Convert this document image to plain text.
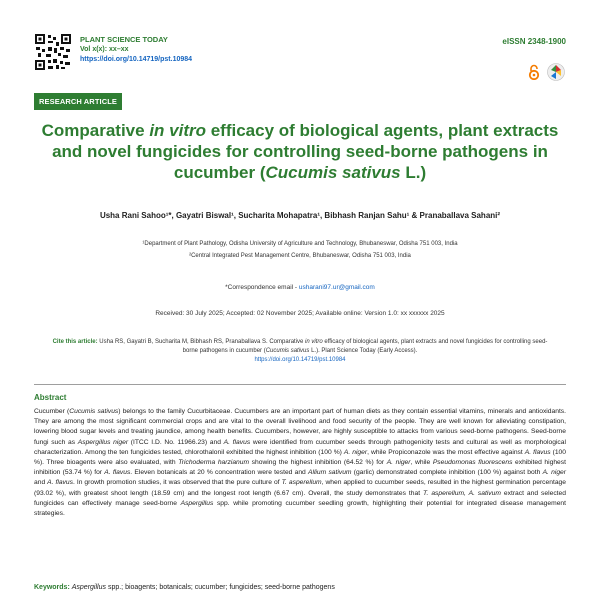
PLANT SCIENCE TODAY
Vol x(x): xx–xx
https://doi.org/10.14719/pst.10984
eISSN 2348-1900
RESEARCH ARTICLE
Comparative in vitro efficacy of biological agents, plant extracts and novel fungicides for controlling seed-borne pathogens in cucumber (Cucumis sativus L.)
Usha Rani Sahoo¹*, Gayatri Biswal¹, Sucharita Mohapatra¹, Bibhash Ranjan Sahu¹ & Pranaballava Sahani²
¹Department of Plant Pathology, Odisha University of Agriculture and Technology, Bhubaneswar, Odisha 751 003, India
²Central Integrated Pest Management Centre, Bhubaneswar, Odisha 751 003, India
*Correspondence email - usharani97.ur@gmail.com
Received: 30 July 2025; Accepted: 02 November 2025; Available online: Version 1.0: xx xxxxxx 2025
Cite this article: Usha RS, Gayatri B, Sucharita M, Bibhash RS, Pranaballava S. Comparative in vitro efficacy of biological agents, plant extracts and novel fungicides for controlling seed-borne pathogens in cucumber (Cucumis sativus L.). Plant Science Today (Early Access).
https://doi.org/10.14719/pst.10984
Abstract
Cucumber (Cucumis sativus) belongs to the family Cucurbitaceae. Cucumbers are an important part of human diets as they contain essential vitamins, minerals and antioxidants. They are among the most significant commercial crops and are vital to the overall livelihood and food security of the people. They are well known for alleviating constipation, lowering blood sugar levels and treating jaundice, among health benefits. Cucumbers, however, are highly susceptible to attacks from various seed-borne pathogens. Seed-borne fungi such as Aspergillus niger (ITCC I.D. No. 11966.23) and A. flavus were identified from cucumber seeds through pathogenicity tests and cultural as well as morphological characterization. Among the ten fungicides tested, chlorothalonil exhibited the highest inhibition (100 %) A. niger, while Propiconazole was the most effective against A. flavus (100 %). Three bioagents were also evaluated, with Trichoderma harzianum showing the highest inhibition (64.52 %) for A. niger, while Pseudomonas fluorescens exhibited highest inhibition (53.74 %) for A. flavus. Eleven botanicals at 20 % concentration were tested and Allium sativum (garlic) demonstrated complete inhibition (100 %) against both A. niger and A. flavus. In growth promotion studies, it was observed that the pure culture of T. asperellum, when applied to cucumber seeds, resulted in the highest germination percentage (93.02 %), with greatest shoot length (18.59 cm) and the longest root length (6.67 cm). Overall, the study demonstrates that T. asperellum, A. sativum extract and selected fungicides can effectively manage seed-borne Aspergillus spp. while promoting cucumber seedling growth, highlighting their potential for integrated disease management strategies.
Keywords: Aspergillus spp.; bioagents; botanicals; cucumber; fungicides; seed-borne pathogens
